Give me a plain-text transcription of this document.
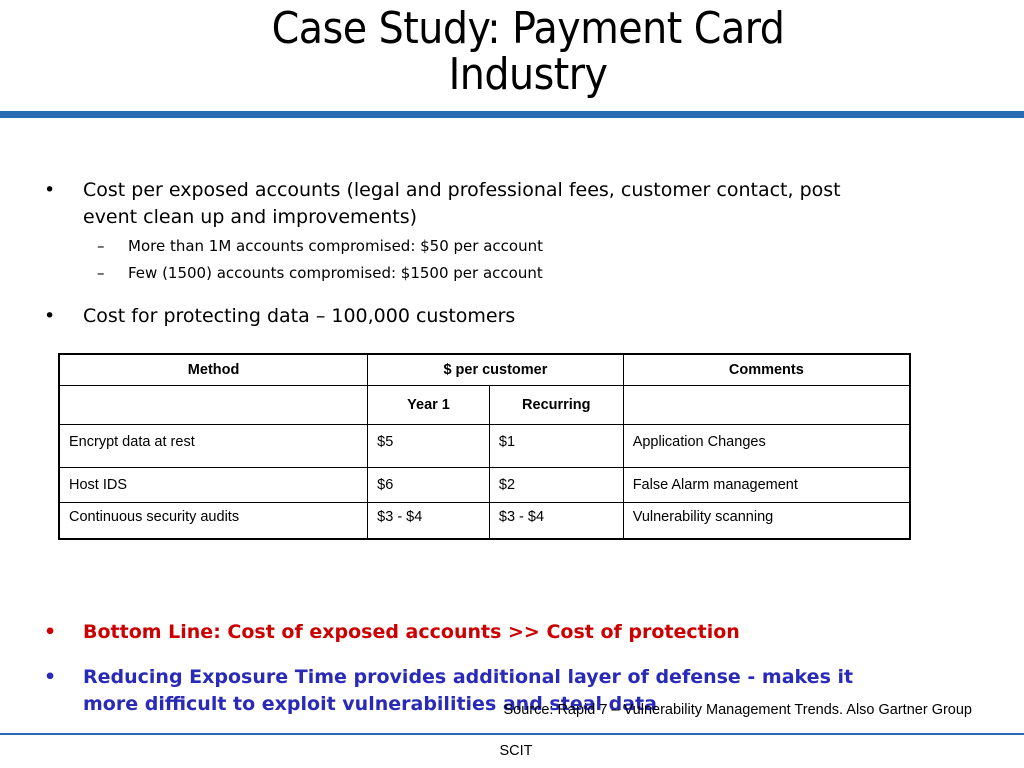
Case Study: Payment Card
Industry
• Cost per exposed accounts (legal and professional fees, customer contact, post
event clean up and improvements)
– More than 1M accounts compromised: $50 per account
– Few (1500) accounts compromised: $1500 per account
• Cost for protecting data – 100,000 customers
Method	$ per customer		Comments
	Year 1	Recurring	
Encrypt data at rest	$5	$1	Application Changes
Host IDS	$6	$2	False Alarm management
Continuous security audits	$3 - $4	$3 - $4	Vulnerability scanning
• Bottom Line: Cost of exposed accounts >> Cost of protection
• Reducing Exposure Time provides additional layer of defense - makes it
more difficult to exploit vulnerabilities and steal data
Source: Rapid 7 – Vulnerability Management Trends. Also Gartner Group
SCIT
